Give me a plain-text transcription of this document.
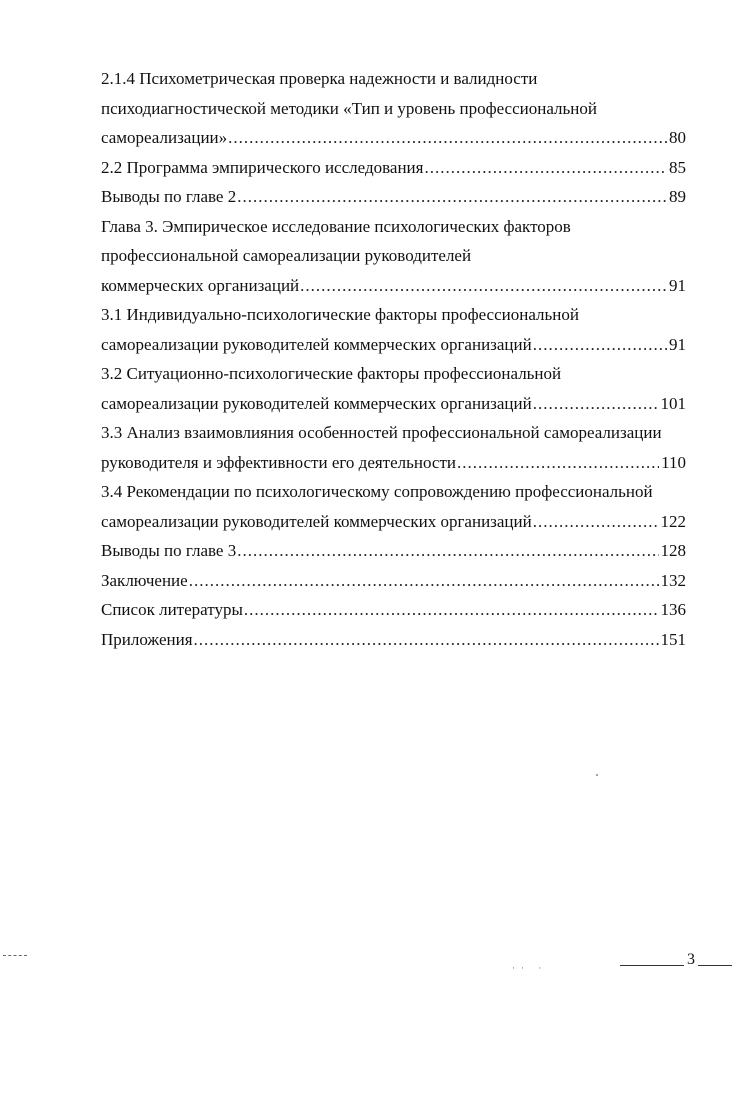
2.1.4 Психометрическая проверка надежности и валидности
психодиагностической методики «Тип и уровень профессиональной
самореализации» .....	80
2.2 Программа эмпирического исследования .....	85
Выводы по главе 2 .....	89
Глава 3. Эмпирическое исследование психологических факторов
профессиональной самореализации руководителей
коммерческих организаций .....	91
3.1 Индивидуально-психологические факторы профессиональной
самореализации руководителей коммерческих организаций .....	91
3.2 Ситуационно-психологические факторы профессиональной
самореализации руководителей коммерческих организаций .....	101
3.3 Анализ взаимовлияния особенностей профессиональной самореализации
руководителя и эффективности его деятельности .....	110
3.4 Рекомендации по психологическому сопровождению профессиональной
самореализации руководителей коммерческих организаций .....	122
Выводы по главе 3 .....	128
Заключение .....	132
Список литературы .....	136
Приложения .....	151
·· ·	3
